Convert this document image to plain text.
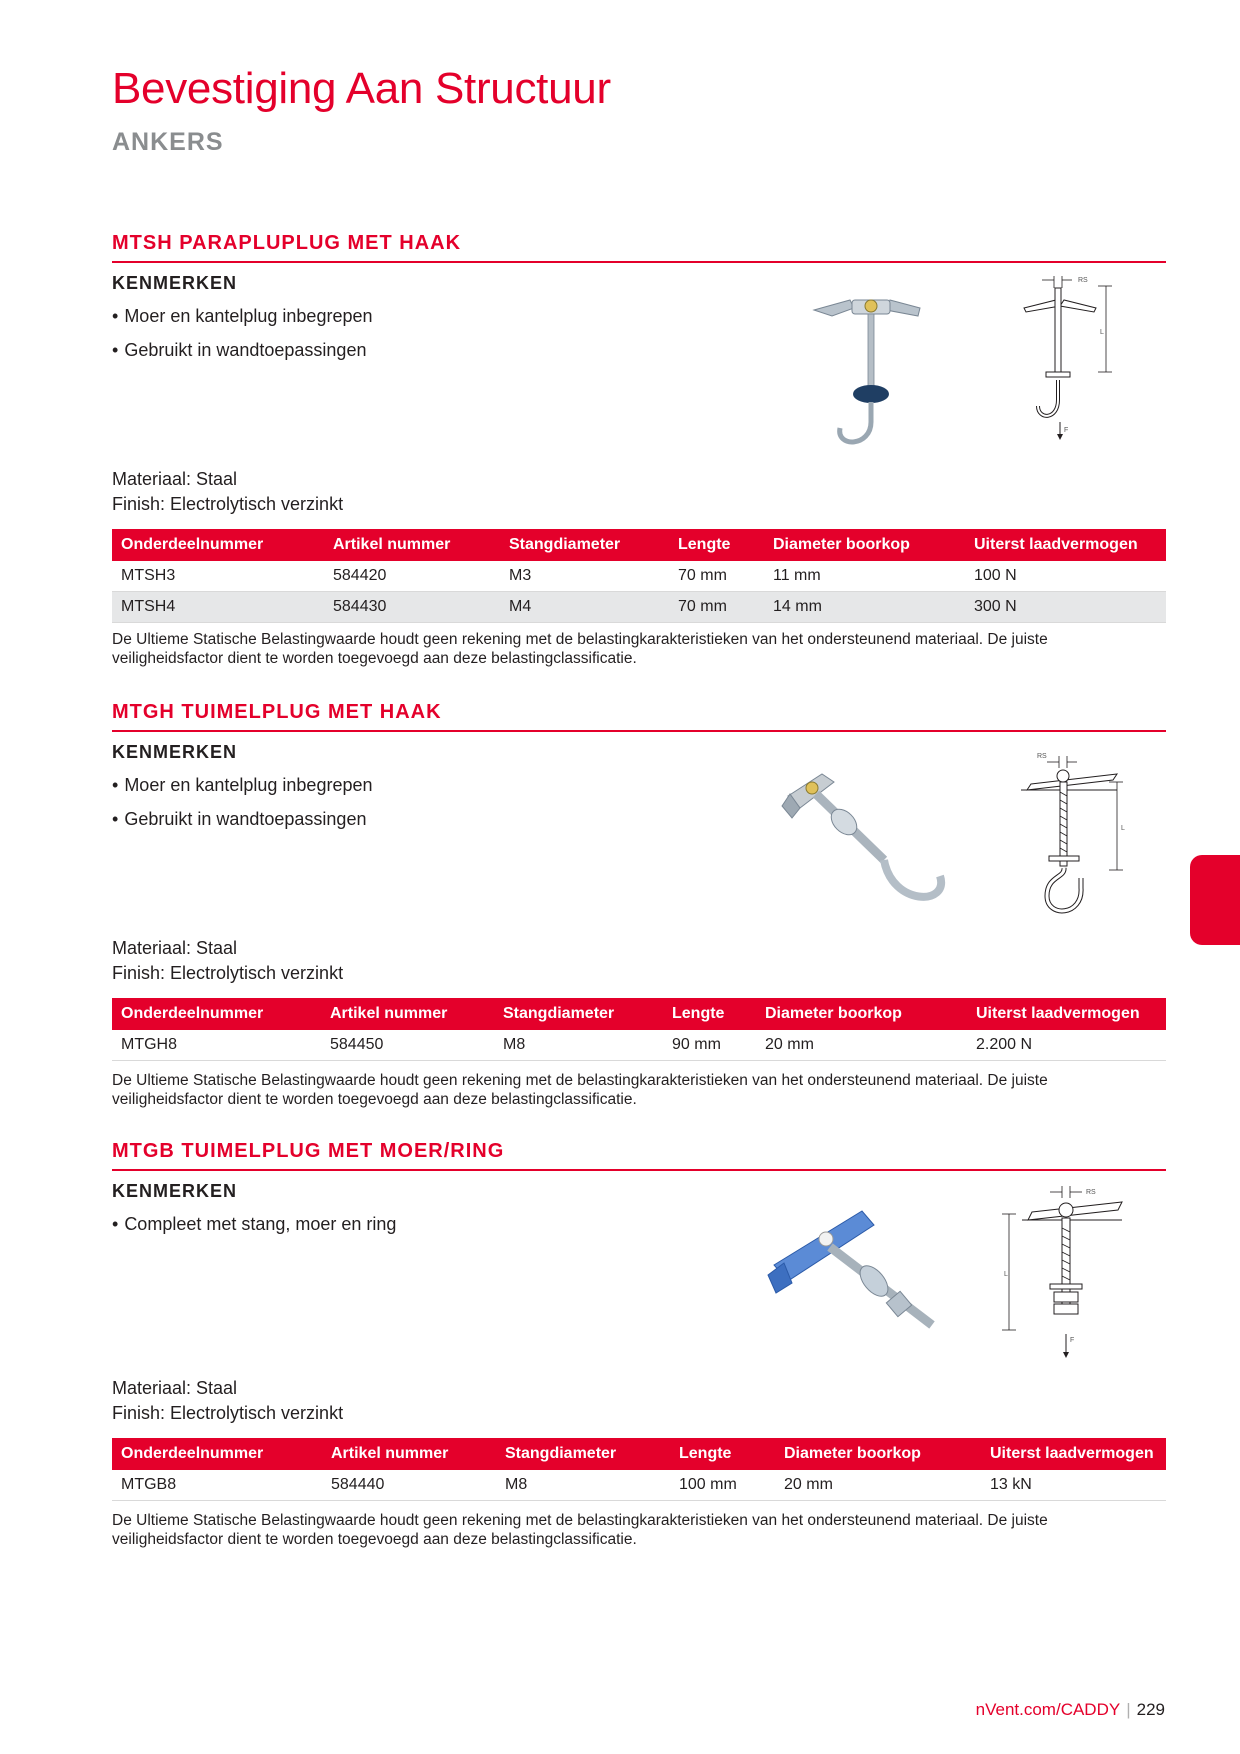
Bevestiging Aan Structuur
ANKERS
MTSH PARAPLUPLUG MET HAAK
KENMERKEN
• Moer en kantelplug inbegrepen
• Gebruikt in wandtoepassingen
RS
L
F
Materiaal: Staal
Finish: Electrolytisch verzinkt
Onderdeelnummer	Artikel nummer	Stangdiameter	Lengte	Diameter boorkop	Uiterst laadvermogen
MTSH3	584420	M3	70 mm	11 mm	100 N
MTSH4	584430	M4	70 mm	14 mm	300 N
De Ultieme Statische Belastingwaarde houdt geen rekening met de belastingkarakteristieken van het ondersteunend materiaal. De juiste
veiligheidsfactor dient te worden toegevoegd aan deze belastingclassificatie.
MTGH TUIMELPLUG MET HAAK
KENMERKEN
• Moer en kantelplug inbegrepen
• Gebruikt in wandtoepassingen
RS
L
Materiaal: Staal
Finish: Electrolytisch verzinkt
Onderdeelnummer	Artikel nummer	Stangdiameter	Lengte	Diameter boorkop	Uiterst laadvermogen
MTGH8	584450	M8	90 mm	20 mm	2.200 N
De Ultieme Statische Belastingwaarde houdt geen rekening met de belastingkarakteristieken van het ondersteunend materiaal. De juiste
veiligheidsfactor dient te worden toegevoegd aan deze belastingclassificatie.
MTGB TUIMELPLUG MET MOER/RING
KENMERKEN
• Compleet met stang, moer en ring
RS
L
F
Materiaal: Staal
Finish: Electrolytisch verzinkt
Onderdeelnummer	Artikel nummer	Stangdiameter	Lengte	Diameter boorkop	Uiterst laadvermogen
MTGB8	584440	M8	100 mm	20 mm	13 kN
De Ultieme Statische Belastingwaarde houdt geen rekening met de belastingkarakteristieken van het ondersteunend materiaal. De juiste
veiligheidsfactor dient te worden toegevoegd aan deze belastingclassificatie.
nVent.com/CADDY | 229
